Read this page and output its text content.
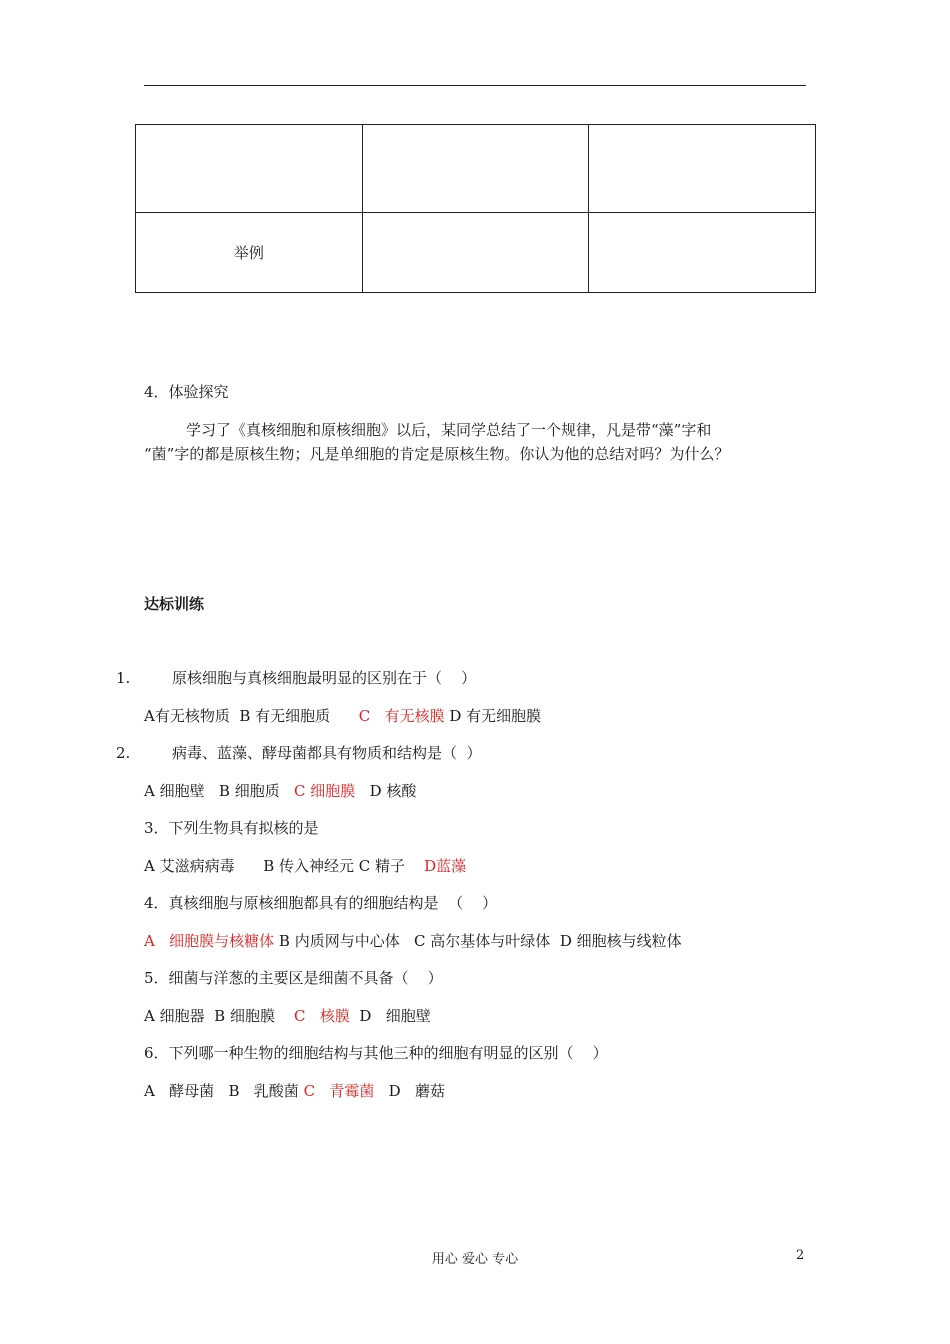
举例		
4．体验探究
学习了《真核细胞和原核细胞》以后，某同学总结了一个规律，凡是带“藻”字和
“菌”字的都是原核生物；凡是单细胞的肯定是原核生物。你认为他的总结对吗？为什么？
达标训练
1.	原核细胞与真核细胞最明显的区别在于（    ）
A有无核物质 B 有无细胞质 C   有无核膜 D 有无细胞膜
2.	病毒、蓝藻、酵母菌都具有物质和结构是（  ）
A 细胞壁 B 细胞质 C 细胞膜 D 核酸
3．下列生物具有拟核的是
A 艾滋病病毒 B 传入神经元 C 精子 D蓝藻
4．真核细胞与原核细胞都具有的细胞结构是  （    ）
A   细胞膜与核糖体 B 内质网与中心体 C 高尔基体与叶绿体 D 细胞核与线粒体
5．细菌与洋葱的主要区是细菌不具备（    ）
A 细胞器 B 细胞膜 C   核膜 D   细胞壁
6．下列哪一种生物的细胞结构与其他三种的细胞有明显的区别（    ）
A   酵母菌 B   乳酸菌 C   青霉菌 D   蘑菇
用心 爱心 专心	2
